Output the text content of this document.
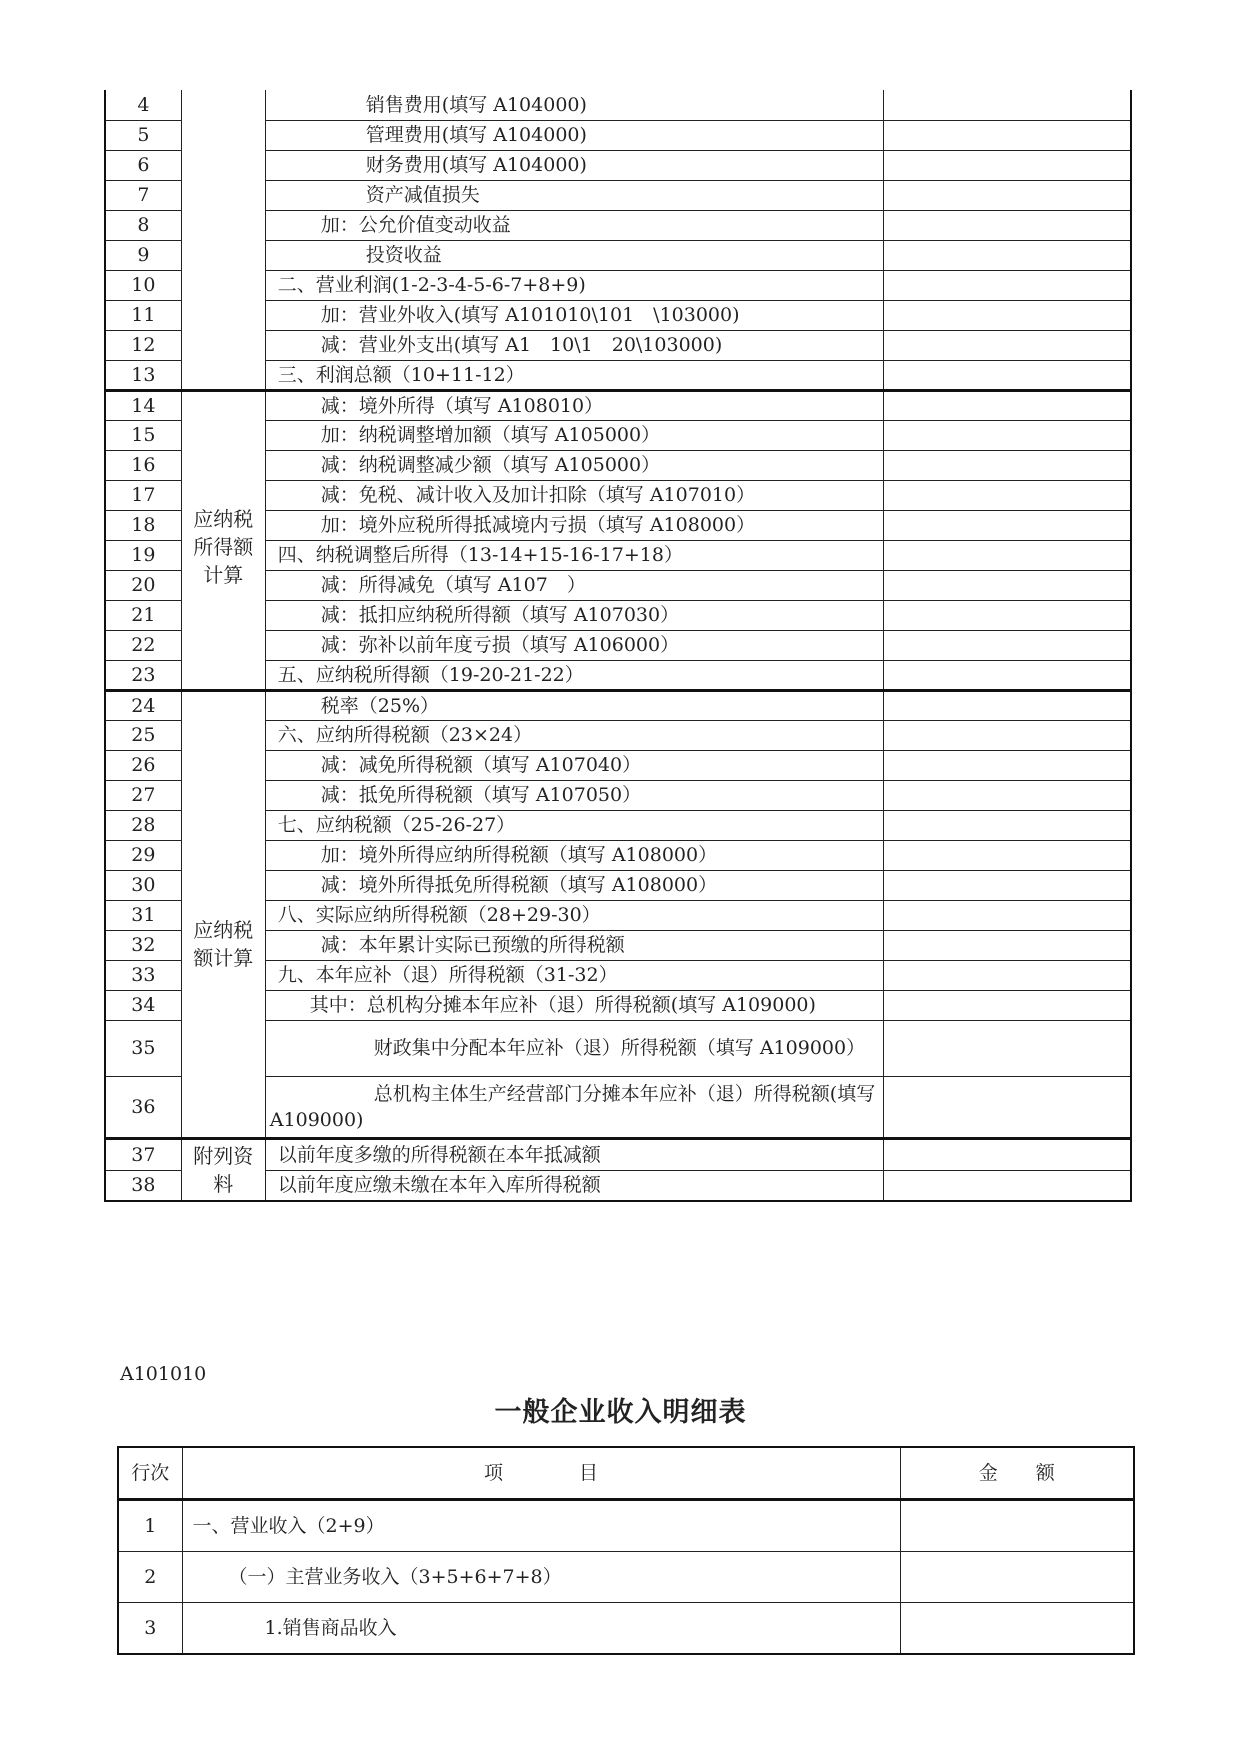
4		销售费用(填写 A104000)	
5		管理费用(填写 A104000)	
6		财务费用(填写 A104000)	
7		资产减值损失	
8		加：公允价值变动收益	
9		投资收益	
10		二、营业利润(1-2-3-4-5-6-7+8+9)	
11		加：营业外收入(填写 A101010\101　\103000)	
12		减：营业外支出(填写 A1　10\1　20\103000)	
13		三、利润总额（10+11-12）	
14	应纳税所得额计算	减：境外所得（填写 A108010）	
15		加：纳税调整增加额（填写 A105000）	
16		减：纳税调整减少额（填写 A105000）	
17		减：免税、减计收入及加计扣除（填写 A107010）	
18		加：境外应税所得抵减境内亏损（填写 A108000）	
19		四、纳税调整后所得（13-14+15-16-17+18）	
20		减：所得减免（填写 A107　）	
21		减：抵扣应纳税所得额（填写 A107030）	
22		减：弥补以前年度亏损（填写 A106000）	
23		五、应纳税所得额（19-20-21-22）	
24	应纳税额计算	税率（25%）	
25		六、应纳所得税额（23×24）	
26		减：减免所得税额（填写 A107040）	
27		减：抵免所得税额（填写 A107050）	
28		七、应纳税额（25-26-27）	
29		加：境外所得应纳所得税额（填写 A108000）	
30		减：境外所得抵免所得税额（填写 A108000）	
31		八、实际应纳所得税额（28+29-30）	
32		减：本年累计实际已预缴的所得税额	
33		九、本年应补（退）所得税额（31-32）	
34		其中：总机构分摊本年应补（退）所得税额(填写 A109000)	
35		财政集中分配本年应补（退）所得税额（填写 A109000）	
36		总机构主体生产经营部门分摊本年应补（退）所得税额(填写 A109000)	
37	附列资料	以前年度多缴的所得税额在本年抵减额	
38		以前年度应缴未缴在本年入库所得税额	
A101010
一般企业收入明细表
行次	项　　　　目	金　　额
1	一、营业收入（2+9）	
2	（一）主营业务收入（3+5+6+7+8）	
3	1.销售商品收入	
